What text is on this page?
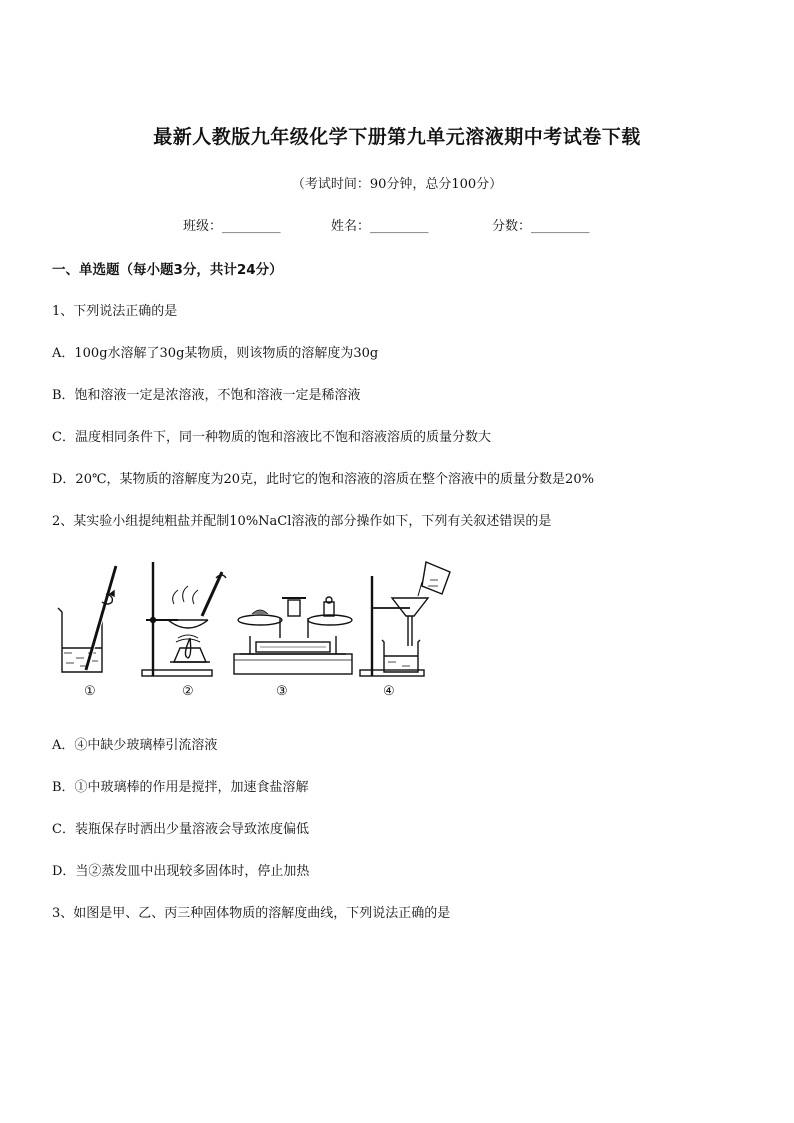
最新人教版九年级化学下册第九单元溶液期中考试卷下载
（考试时间：90分钟，总分100分）
班级：_________	姓名：_________	分数：_________
一、单选题（每小题3分，共计24分）
1、下列说法正确的是
A．100g水溶解了30g某物质，则该物质的溶解度为30g
B．饱和溶液一定是浓溶液，不饱和溶液一定是稀溶液
C．温度相同条件下，同一种物质的饱和溶液比不饱和溶液溶质的质量分数大
D．20℃，某物质的溶解度为20克，此时它的饱和溶液的溶质在整个溶液中的质量分数是20%
2、某实验小组提纯粗盐并配制10%NaCl溶液的部分操作如下，下列有关叙述错误的是
①	②	③	④
A．④中缺少玻璃棒引流溶液
B．①中玻璃棒的作用是搅拌，加速食盐溶解
C．装瓶保存时洒出少量溶液会导致浓度偏低
D．当②蒸发皿中出现较多固体时，停止加热
3、如图是甲、乙、丙三种固体物质的溶解度曲线，下列说法正确的是
